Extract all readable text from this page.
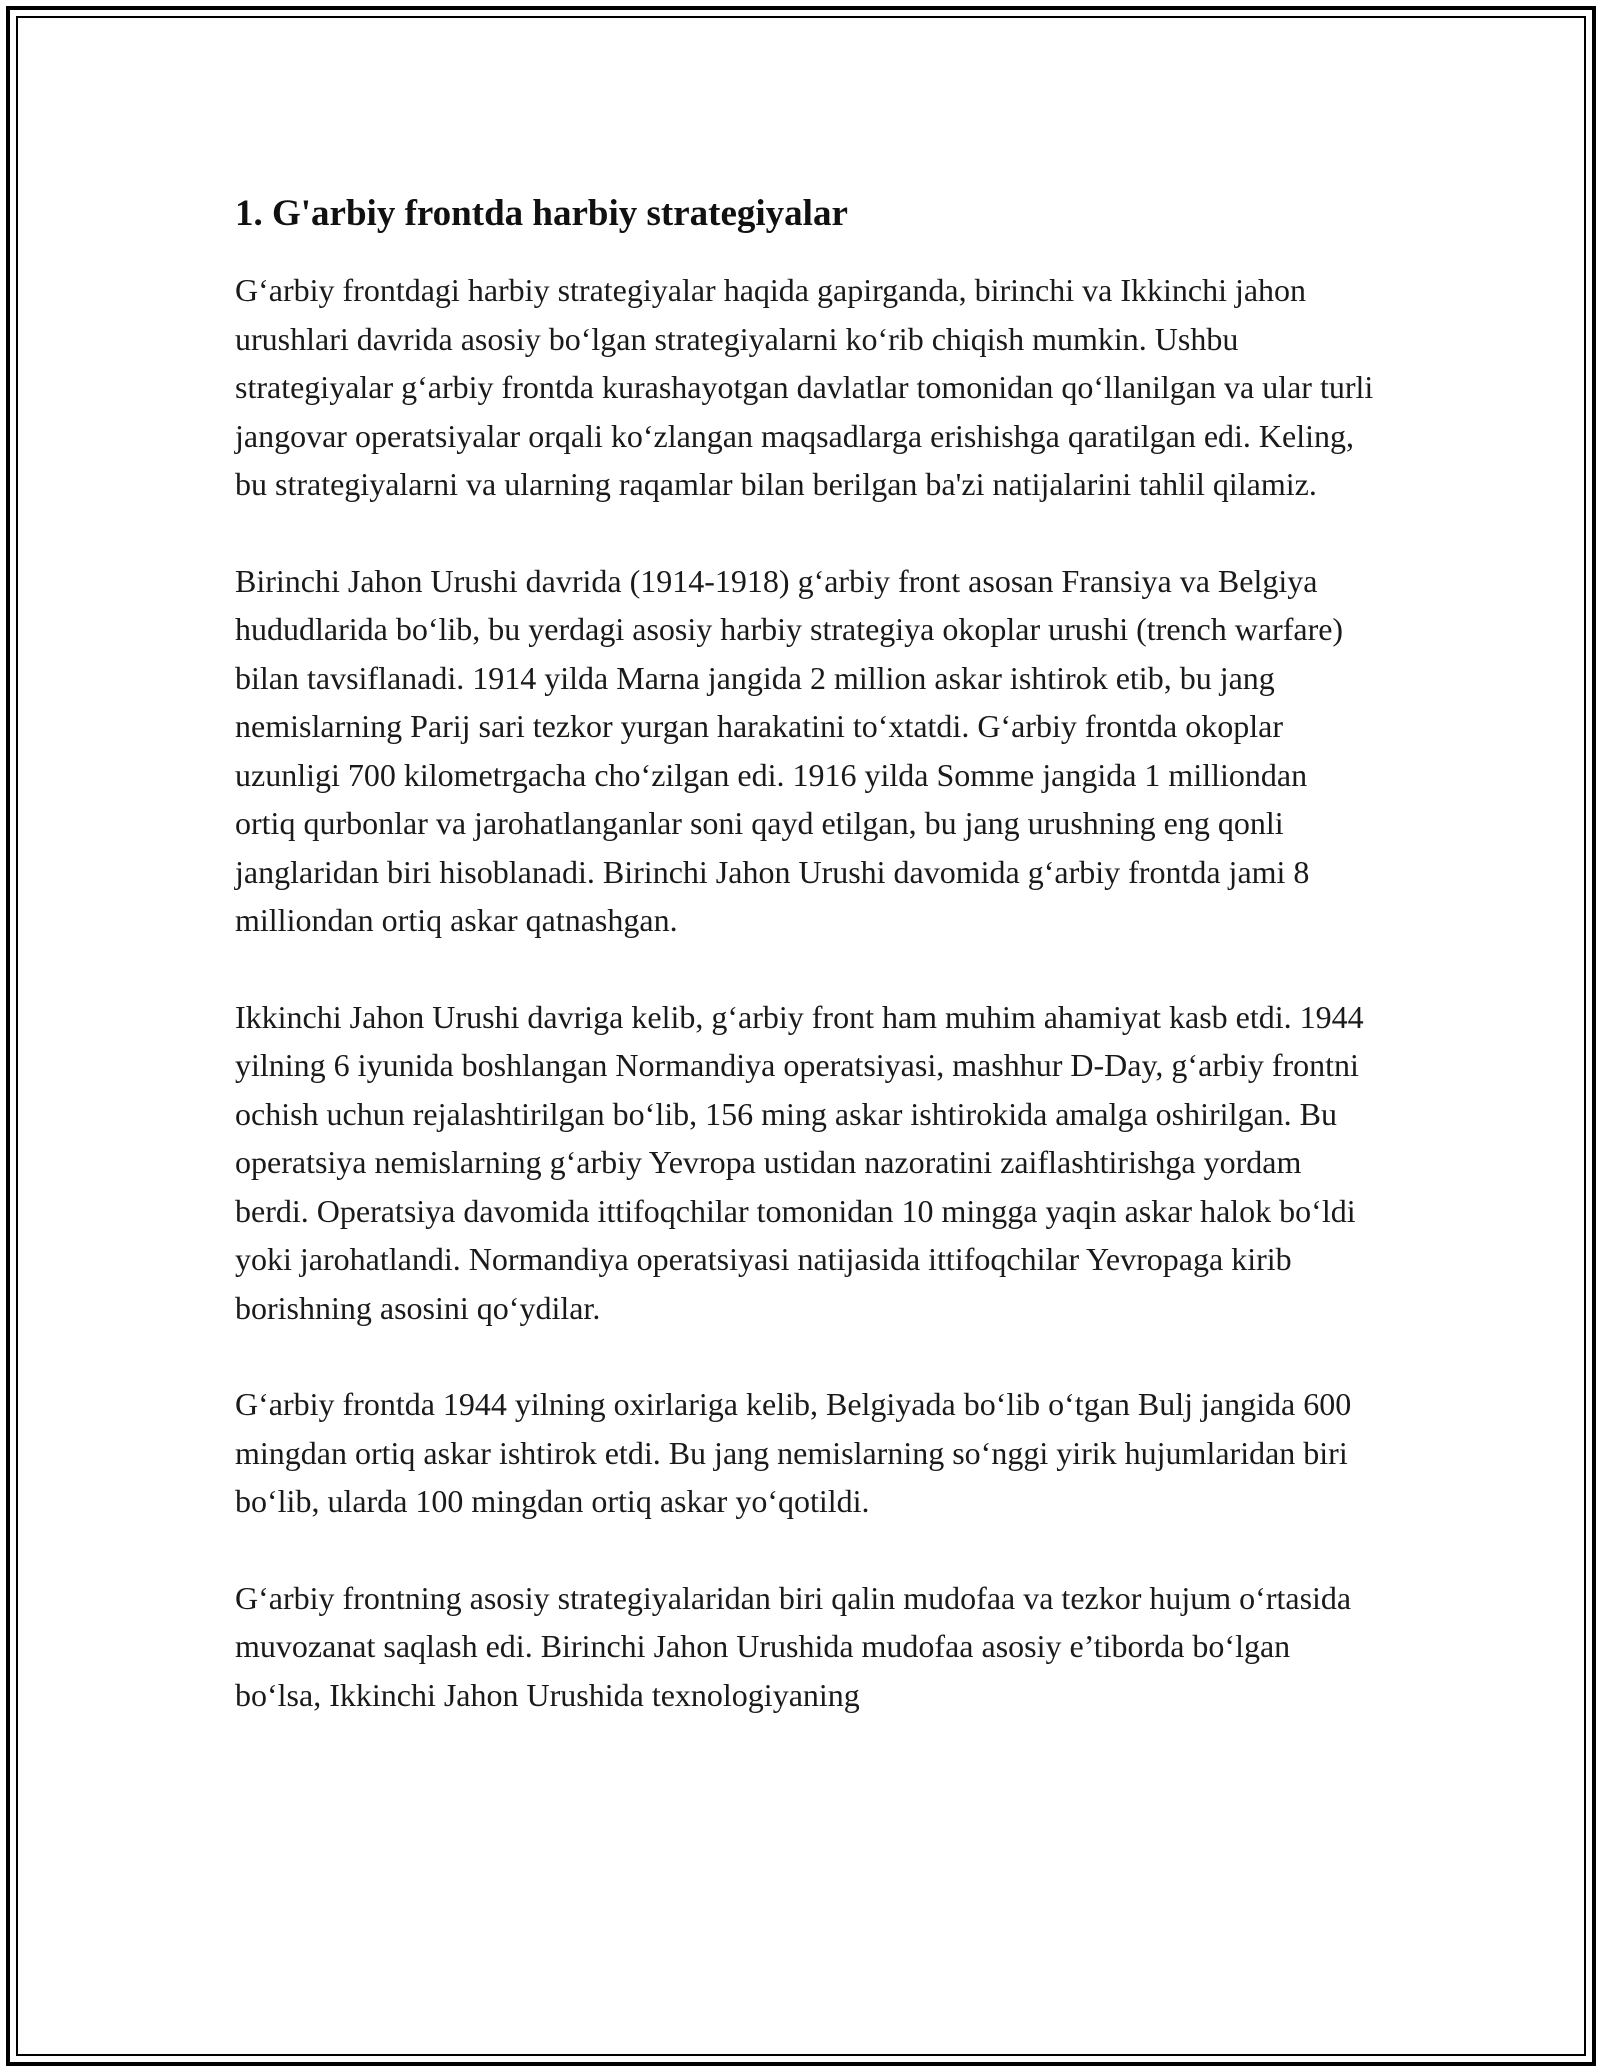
1. G'arbiy frontda harbiy strategiyalar

G‘arbiy frontdagi harbiy strategiyalar haqida gapirganda, birinchi va Ikkinchi jahon urushlari davrida asosiy bo‘lgan strategiyalarni ko‘rib chiqish mumkin. Ushbu strategiyalar g‘arbiy frontda kurashayotgan davlatlar tomonidan qo‘llanilgan va ular turli jangovar operatsiyalar orqali ko‘zlangan maqsadlarga erishishga qaratilgan edi. Keling, bu strategiyalarni va ularning raqamlar bilan berilgan ba'zi natijalarini tahlil qilamiz.

Birinchi Jahon Urushi davrida (1914-1918) g‘arbiy front asosan Fransiya va Belgiya hududlarida bo‘lib, bu yerdagi asosiy harbiy strategiya okoplar urushi (trench warfare) bilan tavsiflanadi. 1914 yilda Marna jangida 2 million askar ishtirok etib, bu jang nemislarning Parij sari tezkor yurgan harakatini to‘xtatdi. G‘arbiy frontda okoplar uzunligi 700 kilometrgacha cho‘zilgan edi. 1916 yilda Somme jangida 1 milliondan ortiq qurbonlar va jarohatlanganlar soni qayd etilgan, bu jang urushning eng qonli janglaridan biri hisoblanadi. Birinchi Jahon Urushi davomida g‘arbiy frontda jami 8 milliondan ortiq askar qatnashgan.

Ikkinchi Jahon Urushi davriga kelib, g‘arbiy front ham muhim ahamiyat kasb etdi. 1944 yilning 6 iyunida boshlangan Normandiya operatsiyasi, mashhur D-Day, g‘arbiy frontni ochish uchun rejalashtirilgan bo‘lib, 156 ming askar ishtirokida amalga oshirilgan. Bu operatsiya nemislarning g‘arbiy Yevropa ustidan nazoratini zaiflashtirishga yordam berdi. Operatsiya davomida ittifoqchilar tomonidan 10 mingga yaqin askar halok bo‘ldi yoki jarohatlandi. Normandiya operatsiyasi natijasida ittifoqchilar Yevropaga kirib borishning asosini qo‘ydilar.

G‘arbiy frontda 1944 yilning oxirlariga kelib, Belgiyada bo‘lib o‘tgan Bulj jangida 600 mingdan ortiq askar ishtirok etdi. Bu jang nemislarning so‘nggi yirik hujumlaridan biri bo‘lib, ularda 100 mingdan ortiq askar yo‘qotildi.

G‘arbiy frontning asosiy strategiyalaridan biri qalin mudofaa va tezkor hujum o‘rtasida muvozanat saqlash edi. Birinchi Jahon Urushida mudofaa asosiy e’tiborda bo‘lgan bo‘lsa, Ikkinchi Jahon Urushida texnologiyaning
